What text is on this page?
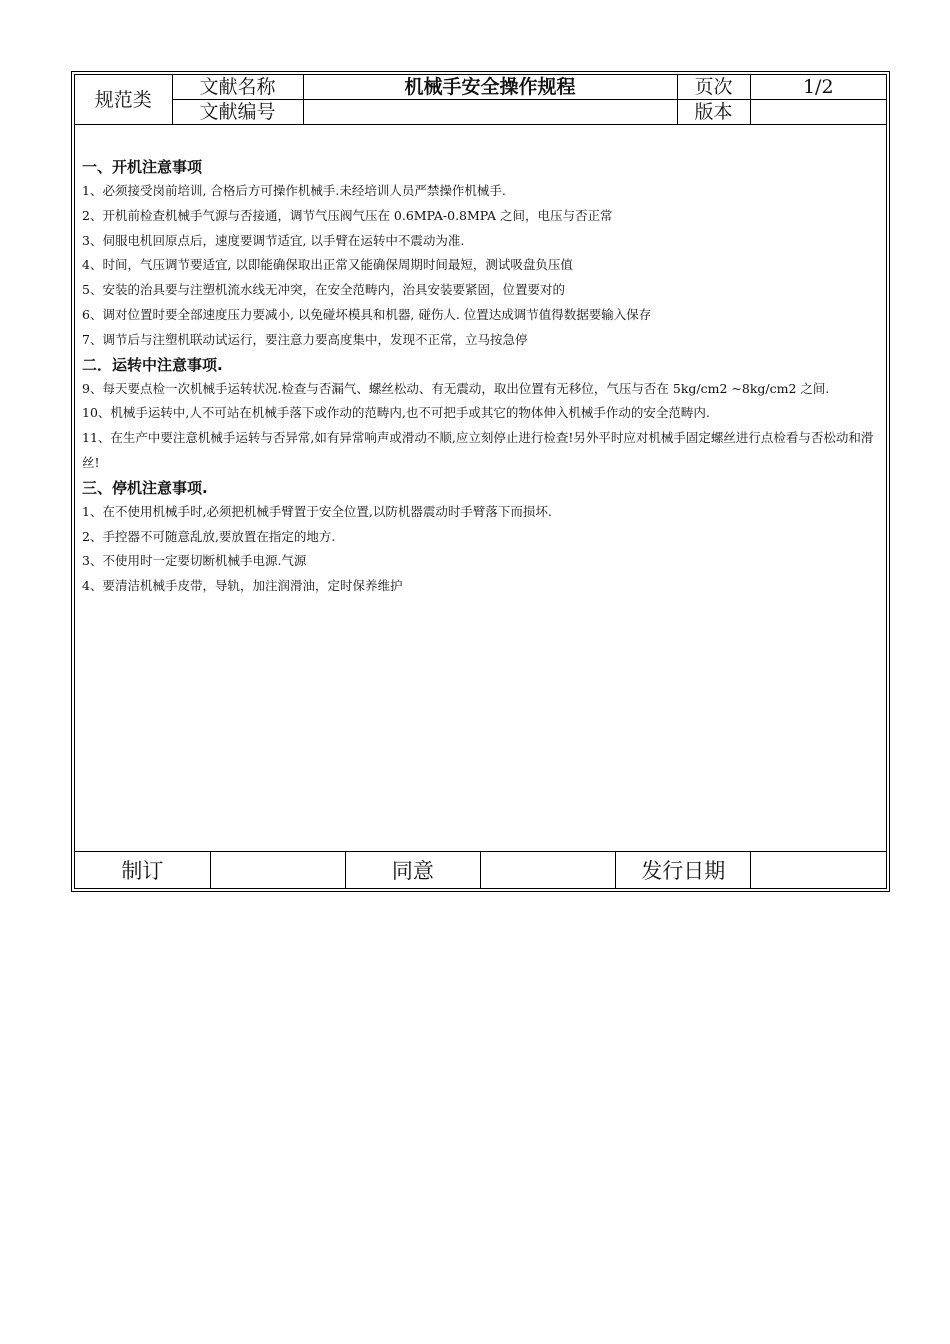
规范类	文献名称	机械手安全操作规程	页次	1/2
	文献编号		版本	

一、开机注意事项

1、必须接受岗前培训, 合格后方可操作机械手.未经培训人员严禁操作机械手.

2、开机前检查机械手气源与否接通，调节气压阀气压在 0.6MPA-0.8MPA 之间，电压与否正常

3、伺服电机回原点后，速度要调节适宜, 以手臂在运转中不震动为准.

4、时间，气压调节要适宜, 以即能确保取出正常又能确保周期时间最短，测试吸盘负压值

5、安装的治具要与注塑机流水线无冲突，在安全范畴内，治具安装要紧固，位置要对的

6、调对位置时要全部速度压力要减小, 以免碰坏模具和机器, 碰伤人. 位置达成调节值得数据要输入保存

7、调节后与注塑机联动试运行，要注意力要高度集中，发现不正常，立马按急停

二．运转中注意事项.

9、每天要点检一次机械手运转状况.检查与否漏气、螺丝松动、有无震动，取出位置有无移位，气压与否在 5kg/cm2 ~8kg/cm2 之间.

10、机械手运转中,人不可站在机械手落下或作动的范畴内,也不可把手或其它的物体伸入机械手作动的安全范畴内.

11、在生产中要注意机械手运转与否异常,如有异常响声或滑动不顺,应立刻停止进行检查!另外平时应对机械手固定螺丝进行点检看与否松动和滑丝!

三、停机注意事项.

1、在不使用机械手时,必须把机械手臂置于安全位置,以防机器震动时手臂落下而损坏.

2、手控器不可随意乱放,要放置在指定的地方.

3、不使用时一定要切断机械手电源.气源

4、要清洁机械手皮带，导轨，加注润滑油，定时保养维护

制订		同意		发行日期	
